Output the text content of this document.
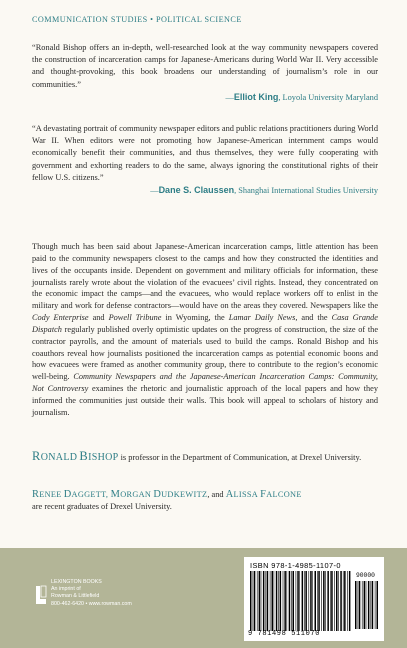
COMMUNICATION STUDIES • POLITICAL SCIENCE
“Ronald Bishop offers an in-depth, well-researched look at the way community newspapers covered the construction of incarceration camps for Japanese-Americans during World War II. Very accessible and thought-provoking, this book broadens our understanding of journalism’s role in our communities.”
—Elliot King, Loyola University Maryland
“A devastating portrait of community newspaper editors and public relations practitioners during World War II. When editors were not promoting how Japanese-American internment camps would economically benefit their communities, and thus themselves, they were fully cooperating with government and exhorting readers to do the same, always ignoring the constitutional rights of their fellow U.S. citizens.”
—Dane S. Claussen, Shanghai International Studies University
Though much has been said about Japanese-American incarceration camps, little attention has been paid to the community newspapers closest to the camps and how they constructed the identities and lives of the occupants inside. Dependent on government and military officials for information, these journalists rarely wrote about the violation of the evacuees’ civil rights. Instead, they concentrated on the economic impact the camps—and the evacuees, who would replace workers off to enlist in the military and work for defense contractors—would have on the areas they covered. Newspapers like the Cody Enterprise and Powell Tribune in Wyoming, the Lamar Daily News, and the Casa Grande Dispatch regularly published overly optimistic updates on the progress of construction, the size of the contractor payrolls, and the amount of materials used to build the camps. Ronald Bishop and his coauthors reveal how journalists positioned the incarceration camps as potential economic boons and how evacuees were framed as another community group, there to contribute to the region’s economic well-being. Community Newspapers and the Japanese-American Incarceration Camps: Community, Not Controversy examines the rhetoric and journalistic approach of the local papers and how they informed the communities just outside their walls. This book will appeal to scholars of history and journalism.
RONALD BISHOP is professor in the Department of Communication, at Drexel University.
RENEE DAGGETT, MORGAN DUDKEWITZ, and ALISSA FALCONE
are recent graduates of Drexel University.
LEXINGTON BOOKS
An imprint of
Rowman & Littlefield
800-462-6420 • www.rowman.com
ISBN 978-1-4985-1107-0
90000
9 781498 511070
